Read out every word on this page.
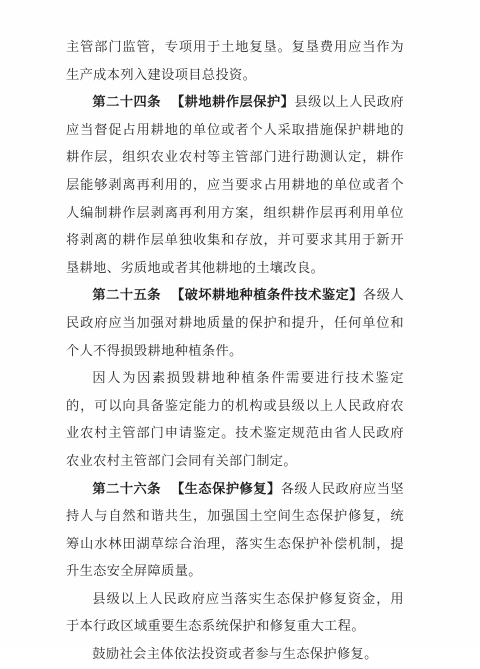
主管部门监管，专项用于土地复垦。复垦费用应当作为生产成本列入建设项目总投资。

第二十四条 【耕地耕作层保护】县级以上人民政府应当督促占用耕地的单位或者个人采取措施保护耕地的耕作层，组织农业农村等主管部门进行勘测认定，耕作层能够剥离再利用的，应当要求占用耕地的单位或者个人编制耕作层剥离再利用方案，组织耕作层再利用单位将剥离的耕作层单独收集和存放，并可要求其用于新开垦耕地、劣质地或者其他耕地的土壤改良。

第二十五条 【破坏耕地种植条件技术鉴定】各级人民政府应当加强对耕地质量的保护和提升，任何单位和个人不得损毁耕地种植条件。

因人为因素损毁耕地种植条件需要进行技术鉴定的，可以向具备鉴定能力的机构或县级以上人民政府农业农村主管部门申请鉴定。技术鉴定规范由省人民政府农业农村主管部门会同有关部门制定。

第二十六条 【生态保护修复】各级人民政府应当坚持人与自然和谐共生，加强国土空间生态保护修复，统筹山水林田湖草综合治理，落实生态保护补偿机制，提升生态安全屏障质量。

县级以上人民政府应当落实生态保护修复资金，用于本行政区域重要生态系统保护和修复重大工程。

鼓励社会主体依法投资或者参与生态保护修复。
